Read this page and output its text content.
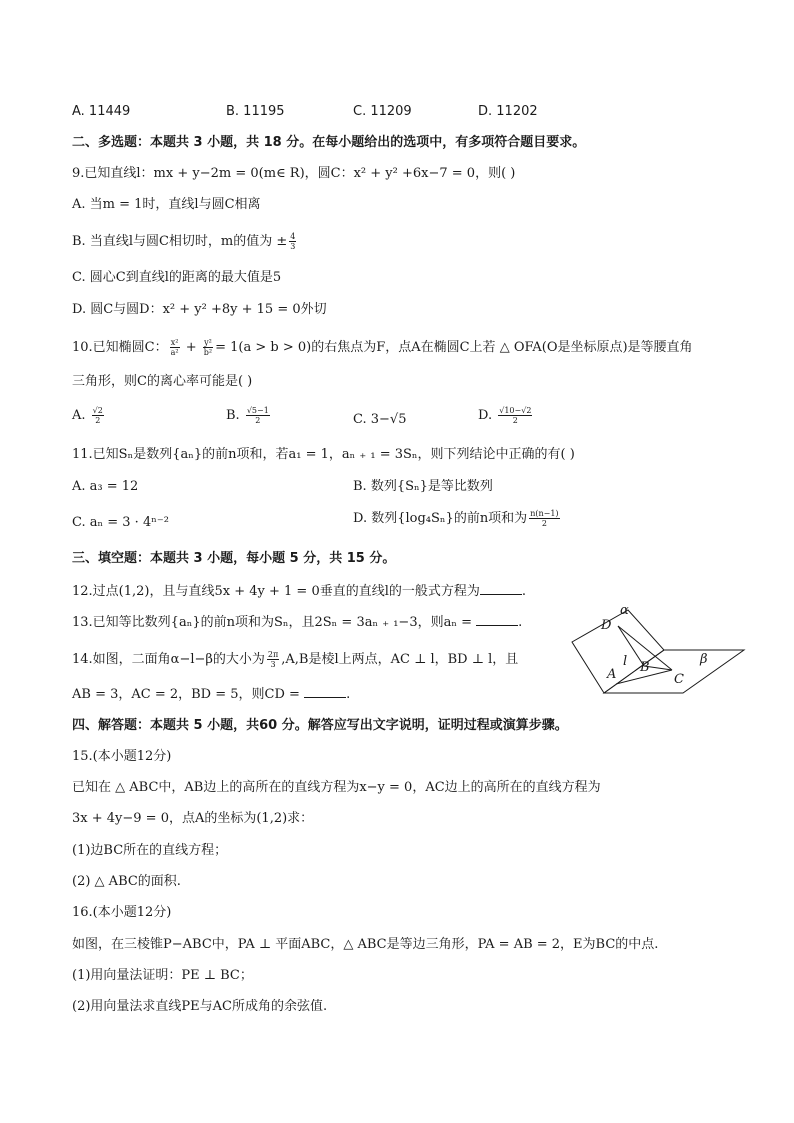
A. 11449	B. 11195	C. 11209	D. 11202
二、多选题：本题共 3 小题，共 18 分。在每小题给出的选项中，有多项符合题目要求。
9.已知直线l：mx + y−2m = 0(m∈ R)，圆C：x² + y² +6x−7 = 0，则( )
A. 当m = 1时，直线l与圆C相离
B. 当直线l与圆C相切时，m的值为 ± $\frac{4}{3}$
C. 圆心C到直线l的距离的最大值是5
D. 圆C与圆D：x² + y² +8y + 15 = 0外切
10.已知椭圆C： $\frac{\text{x²}}{\text{a²}} + \frac{\text{y²}}{\text{b²}} = 1(a > b > 0)$的右焦点为F，点A在椭圆C上若 △ OFA(O是坐标原点)是等腰直角
三角形，则C的离心率可能是( )
A. $\frac{√2}{2}$	B. $\frac{√5-1}{2}$	C. 3−√5	D. $\frac{√10-√2}{2}$
11.已知Sₙ是数列{aₙ}的前n项和，若a₁ = 1，aₙ ₊ ₁ = 3Sₙ，则下列结论中正确的有( )
A. a₃ = 12	B. 数列{Sₙ}是等比数列
C. aₙ = 3 · 4ⁿ⁻²	D. 数列{log₄Sₙ}的前n项和为 $\frac{n(n-1)}{2}$
三、填空题：本题共 3 小题，每小题 5 分，共 15 分。
12.过点(1,2)，且与直线5x + 4y + 1 = 0垂直的直线l的一般式方程为	.
13.已知等比数列{aₙ}的前n项和为Sₙ，且2Sₙ = 3aₙ ₊ ₁−3，则aₙ =	.
14.如图，二面角α−l−β的大小为 $\frac{2\pi}{3} ,A,B$是棱l上两点，AC ⊥ l，BD ⊥ l，且
AB = 3，AC = 2，BD = 5，则CD =	.
α
D
l B
A	C
β
四、解答题：本题共 5 小题，共60 分。解答应写出文字说明，证明过程或演算步骤。
15.(本小题12分)
已知在 △ ABC中，AB边上的高所在的直线方程为x−y = 0，AC边上的高所在的直线方程为
3x + 4y−9 = 0，点A的坐标为(1,2)求：
(1)边BC所在的直线方程；
(2) △ ABC的面积.
16.(本小题12分)
如图，在三棱锥P−ABC中，PA ⊥ 平面ABC，△ ABC是等边三角形，PA = AB = 2，E为BC的中点.
(1)用向量法证明：PE ⊥ BC；
(2)用向量法求直线PE与AC所成角的余弦值.
